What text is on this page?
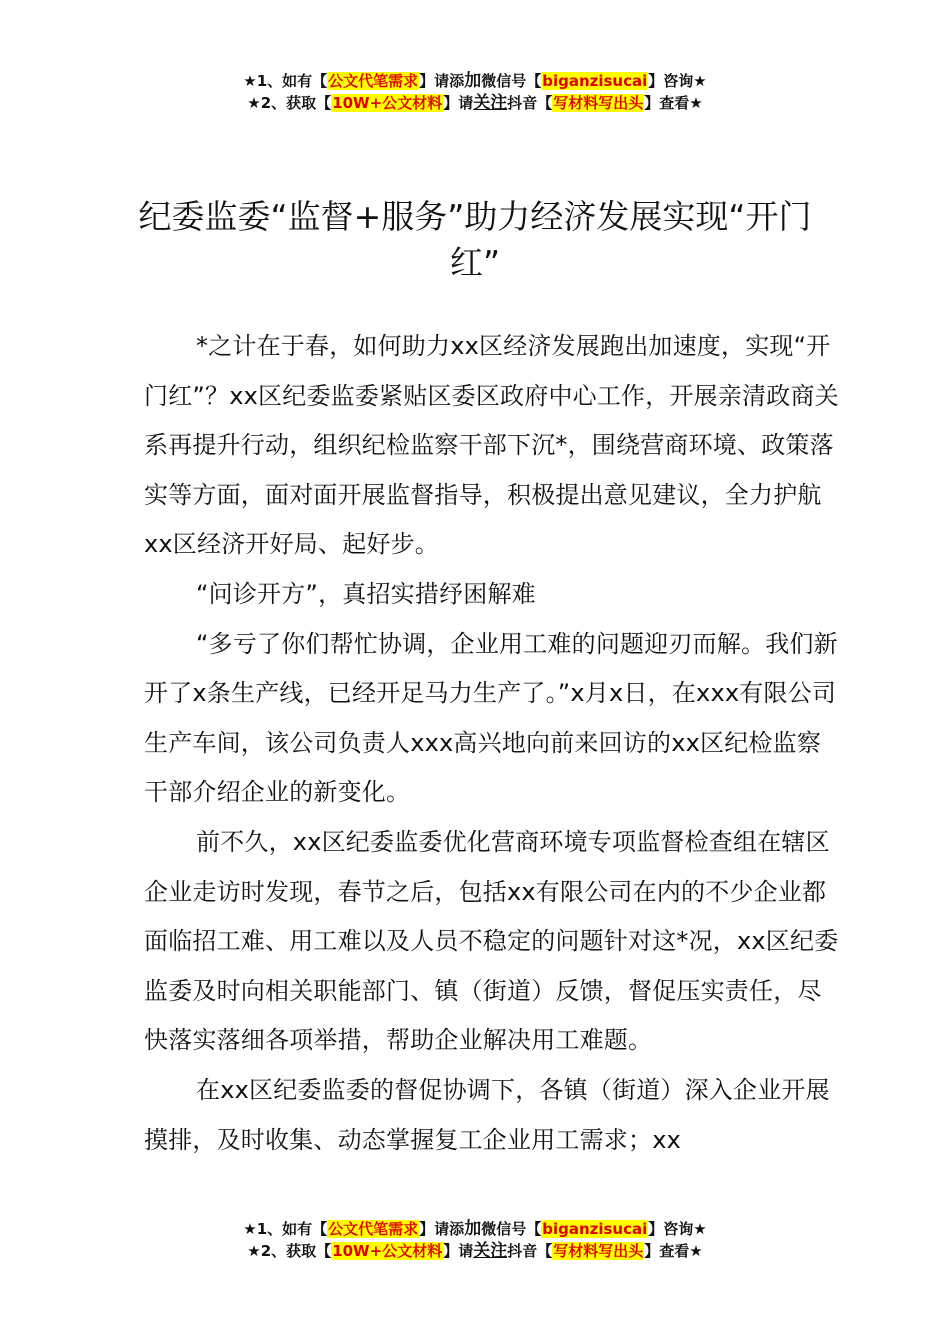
★1、如有【公文代笔需求】请添加微信号【biganzisucai】咨询★
★2、获取【10W+公文材料】请关注抖音【写材料写出头】查看★
纪委监委“监督+服务”助力经济发展实现“开门红”

*之计在于春，如何助力xx区经济发展跑出加速度，实现“开门红”？xx区纪委监委紧贴区委区政府中心工作，开展亲清政商关系再提升行动，组织纪检监察干部下沉*，围绕营商环境、政策落实等方面，面对面开展监督指导，积极提出意见建议，全力护航xx区经济开好局、起好步。

“问诊开方”，真招实措纾困解难

“多亏了你们帮忙协调，企业用工难的问题迎刃而解。我们新开了x条生产线，已经开足马力生产了。”x月x日，在xxx有限公司生产车间，该公司负责人xxx高兴地向前来回访的xx区纪检监察干部介绍企业的新变化。

前不久，xx区纪委监委优化营商环境专项监督检查组在辖区企业走访时发现，春节之后，包括xx有限公司在内的不少企业都面临招工难、用工难以及人员不稳定的问题针对这*况，xx区纪委监委及时向相关职能部门、镇（街道）反馈，督促压实责任，尽快落实落细各项举措，帮助企业解决用工难题。

在xx区纪委监委的督促协调下，各镇（街道）深入企业开展摸排，及时收集、动态掌握复工企业用工需求；xx

★1、如有【公文代笔需求】请添加微信号【biganzisucai】咨询★
★2、获取【10W+公文材料】请关注抖音【写材料写出头】查看★
